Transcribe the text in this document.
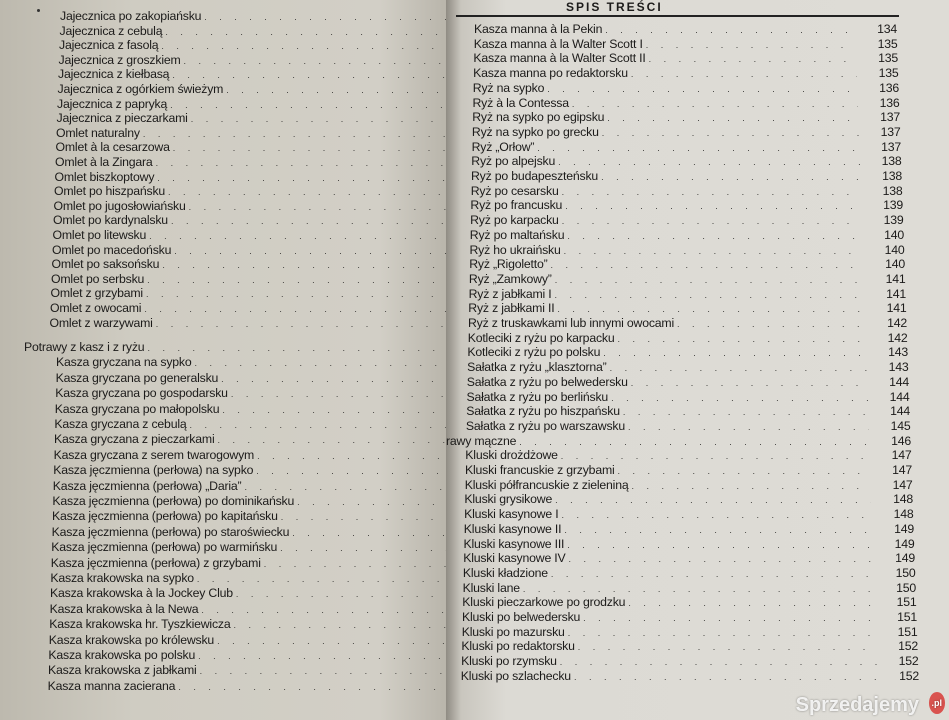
Jajecznica po zakopiańsku
. . .
Jajecznica z cebulą
. . .
Jajecznica z fasolą
. . .
Jajecznica z groszkiem
. . .
Jajecznica z kiełbasą
. . .
Jajecznica z ogórkiem świeżym
. . .
Jajecznica z papryką
. . .
Jajecznica z pieczarkami
. . .
Omlet naturalny
. . .
Omlet à la cesarzowa
. . .
Omlet à la Zingara
. . .
Omlet biszkoptowy
. . .
Omlet po hiszpańsku
. . .
Omlet po jugosłowiańsku
. . .
Omlet po kardynalsku
. . .
Omlet po litewsku
. . .
Omlet po macedońsku
. . .
Omlet po saksońsku
. . .
Omlet po serbsku
. . .
Omlet z grzybami
. . .
Omlet z owocami
. . .
Omlet z warzywami
. . .
Potrawy z kasz i z ryżu
. . .
Kasza gryczana na sypko
. . .
Kasza gryczana po generalsku
. . .
Kasza gryczana po gospodarsku
. . .
Kasza gryczana po małopolsku
. . .
Kasza gryczana z cebulą
. . .
Kasza gryczana z pieczarkami
. . .
Kasza gryczana z serem twarogowym
. . .
Kasza jęczmienna (perłowa) na sypko
. . .
Kasza jęczmienna (perłowa) „Daria”
. . .
Kasza jęczmienna (perłowa) po dominikańsku
. . .
Kasza jęczmienna (perłowa) po kapitańsku
. . .
Kasza jęczmienna (perłowa) po staroświecku
. . .
Kasza jęczmienna (perłowa) po warmińsku
. . .
Kasza jęczmienna (perłowa) z grzybami
. . .
Kasza krakowska na sypko
. . .
Kasza krakowska à la Jockey Club
. . .
Kasza krakowska à la Newa
. . .
Kasza krakowska hr. Tyszkiewicza
. . .
Kasza krakowska po królewsku
. . .
Kasza krakowska po polsku
. . .
Kasza krakowska z jabłkami
. . .
Kasza manna zacierana
. . .
SPIS TREŚCI
Kasza manna à la Pekin . . .	134
Kasza manna à la Walter Scott I . . .	135
Kasza manna à la Walter Scott II . . .	135
Kasza manna po redaktorsku . . .	135
Ryż na sypko . . .	136
Ryż à la Contessa . . .	136
Ryż na sypko po egipsku . . .	137
Ryż na sypko po grecku . . .	137
Ryż „Orłow” . . .	137
Ryż po alpejsku . . .	138
Ryż po budapeszteńsku . . .	138
Ryż po cesarsku . . .	138
Ryż po francusku . . .	139
Ryż po karpacku . . .	139
Ryż po maltańsku . . .	140
Ryż ho ukraińsku . . .	140
Ryż „Rigoletto” . . .	140
Ryż „Zamkowy” . . .	141
Ryż z jabłkami I . . .	141
Ryż z jabłkami II . . .	141
Ryż z truskawkami lub innymi owocami . . .	142
Kotleciki z ryżu po karpacku . . .	142
Kotleciki z ryżu po polsku . . .	143
Sałatka z ryżu „klasztorna” . . .	143
Sałatka z ryżu po belwedersku . . .	144
Sałatka z ryżu po berlińsku . . .	144
Sałatka z ryżu po hiszpańsku . . .	144
Sałatka z ryżu po warszawsku . . .	145
rawy mączne . . .	146
Kluski drożdżowe . . .	147
Kluski francuskie z grzybami . . .	147
Kluski półfrancuskie z zieleniną . . .	147
Kluski grysikowe . . .	148
Kluski kasynowe I . . .	148
Kluski kasynowe II . . .	149
Kluski kasynowe III . . .	149
Kluski kasynowe IV . . .	149
Kluski kładzione . . .	150
Kluski lane . . .	150
Kluski pieczarkowe po grodzku . . .	151
Kluski po belwedersku . . .	151
Kluski po mazursku . . .	151
Kluski po redaktorsku . . .	152
Kluski po rzymsku . . .	152
Kluski po szlachecku . . .	152
Sprzedajemy	.pl
